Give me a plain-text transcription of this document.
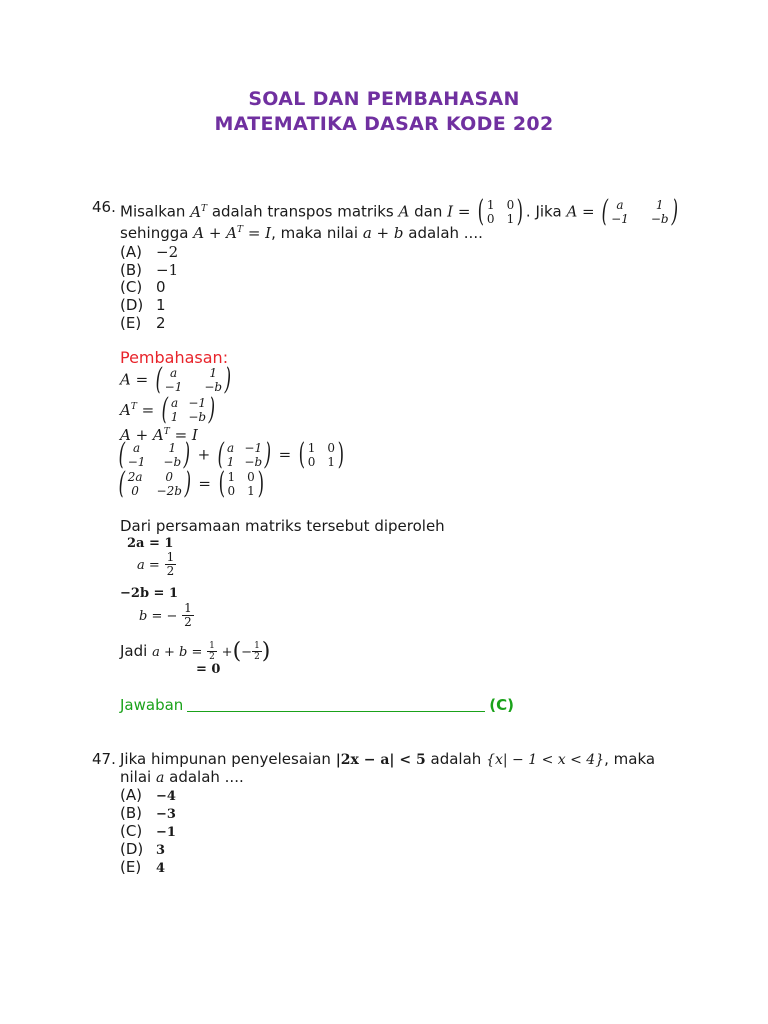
SOAL DAN PEMBAHASAN
MATEMATIKA DASAR KODE 202
46. Misalkan $A^T$ adalah transpos matriks A dan I = ( 1 0
0 1 ) . Jika A = ( a	1
−1 −b )
sehingga $A + A^T = I$, maka nilai a + b adalah ....
(A) −2
(B) −1
(C) 0
(D) 1
(E) 2
Pembahasan:
A = ( a	1
−1 −b )
$A^T$ = ( a −1
1 −b )
$A + A^T = I$
( a	1
−1 −b ) + ( a −1
1 −b ) = ( 1 0
0 1 )
( 2a	0
0 −2b ) = ( 1 0
0 1 )
Dari persamaan matriks tersebut diperoleh
2a = 1
$a = \frac{1}{2}$
−2b = 1
b = − $\frac{1}{2}$
Jadi $a + b = \frac{1}{2}$ +(− $\frac{1}{2}$ )
= 0
Jawaban	(C)
47. Jika himpunan penyelesaian |2x − a| < 5 adalah {x| − 1 < x < 4}, maka
nilai a adalah ....
(A) −4
(B) −3
(C) −1
(D) 3
(E) 4
